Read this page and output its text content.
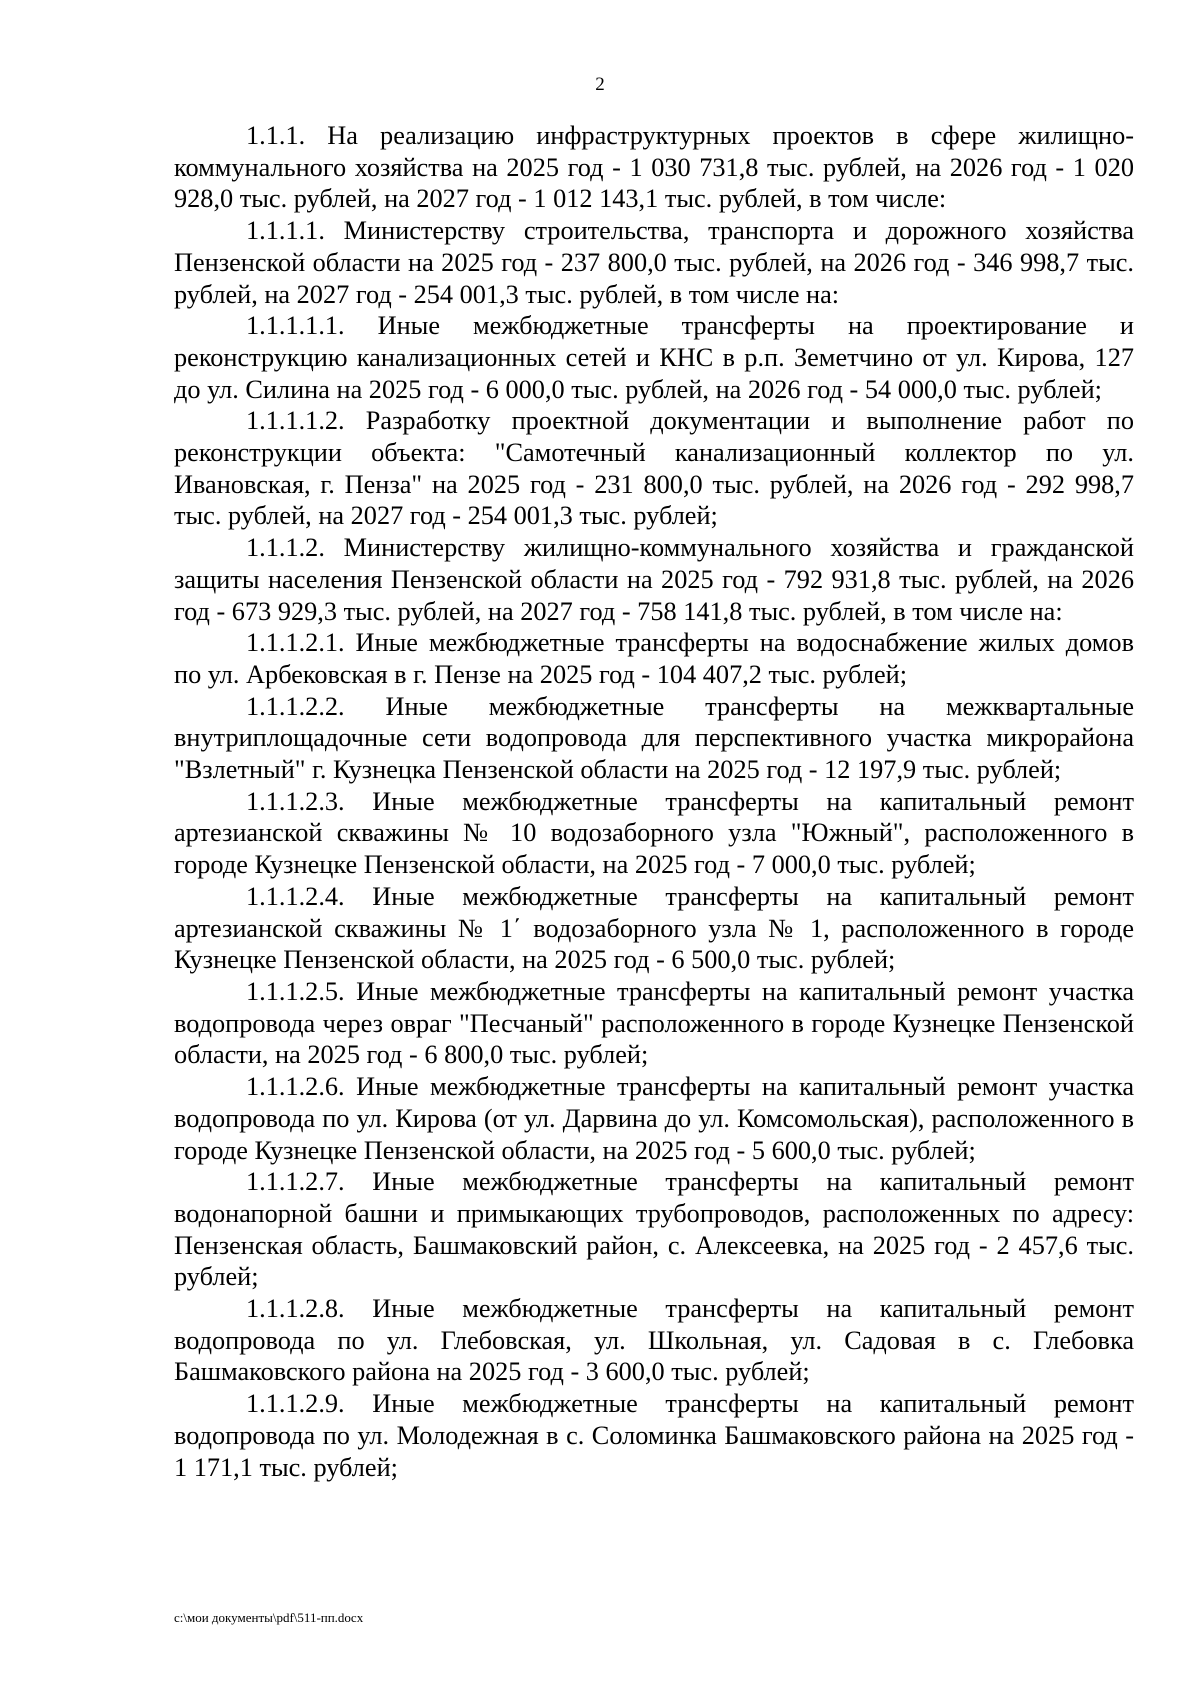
2

1.1.1. На реализацию инфраструктурных проектов в сфере жилищно-коммунального хозяйства на 2025 год - 1 030 731,8 тыс. рублей, на 2026 год - 1 020 928,0 тыс. рублей, на 2027 год - 1 012 143,1 тыс. рублей, в том числе:

1.1.1.1. Министерству строительства, транспорта и дорожного хозяйства Пензенской области на 2025 год - 237 800,0 тыс. рублей, на 2026 год - 346 998,7 тыс. рублей, на 2027 год - 254 001,3 тыс. рублей, в том числе на:

1.1.1.1.1. Иные межбюджетные трансферты на проектирование и реконструкцию канализационных сетей и КНС в р.п. Земетчино от ул. Кирова, 127 до ул. Силина на 2025 год - 6 000,0 тыс. рублей, на 2026 год - 54 000,0 тыс. рублей;

1.1.1.1.2. Разработку проектной документации и выполнение работ по реконструкции объекта: "Самотечный канализационный коллектор по ул. Ивановская, г. Пенза" на 2025 год - 231 800,0 тыс. рублей, на 2026 год - 292 998,7 тыс. рублей, на 2027 год - 254 001,3 тыс. рублей;

1.1.1.2. Министерству жилищно-коммунального хозяйства и гражданской защиты населения Пензенской области на 2025 год - 792 931,8 тыс. рублей, на 2026 год - 673 929,3 тыс. рублей, на 2027 год - 758 141,8 тыс. рублей, в том числе на:

1.1.1.2.1. Иные межбюджетные трансферты на водоснабжение жилых домов по ул. Арбековская в г. Пензе на 2025 год - 104 407,2 тыс. рублей;

1.1.1.2.2. Иные межбюджетные трансферты на межквартальные внутриплощадочные сети водопровода для перспективного участка микрорайона "Взлетный" г. Кузнецка Пензенской области на 2025 год - 12 197,9 тыс. рублей;

1.1.1.2.3. Иные межбюджетные трансферты на капитальный ремонт артезианской скважины № 10 водозаборного узла "Южный", расположенного в городе Кузнецке Пензенской области, на 2025 год - 7 000,0 тыс. рублей;

1.1.1.2.4. Иные межбюджетные трансферты на капитальный ремонт артезианской скважины № 1΄ водозаборного узла № 1, расположенного в городе Кузнецке Пензенской области, на 2025 год - 6 500,0 тыс. рублей;

1.1.1.2.5. Иные межбюджетные трансферты на капитальный ремонт участка водопровода через овраг "Песчаный" расположенного в городе Кузнецке Пензенской области, на 2025 год - 6 800,0 тыс. рублей;

1.1.1.2.6. Иные межбюджетные трансферты на капитальный ремонт участка водопровода по ул. Кирова (от ул. Дарвина до ул. Комсомольская), расположенного в городе Кузнецке Пензенской области, на 2025 год - 5 600,0 тыс. рублей;

1.1.1.2.7. Иные межбюджетные трансферты на капитальный ремонт водонапорной башни и примыкающих трубопроводов, расположенных по адресу: Пензенская область, Башмаковский район, с. Алексеевка, на 2025 год - 2 457,6 тыс. рублей;

1.1.1.2.8. Иные межбюджетные трансферты на капитальный ремонт водопровода по ул. Глебовская, ул. Школьная, ул. Садовая в с. Глебовка Башмаковского района на 2025 год - 3 600,0 тыс. рублей;

1.1.1.2.9. Иные межбюджетные трансферты на капитальный ремонт водопровода по ул. Молодежная в с. Соломинка Башмаковского района на 2025 год - 1 171,1 тыс. рублей;

c:\мои документы\pdf\511-пп.docx
